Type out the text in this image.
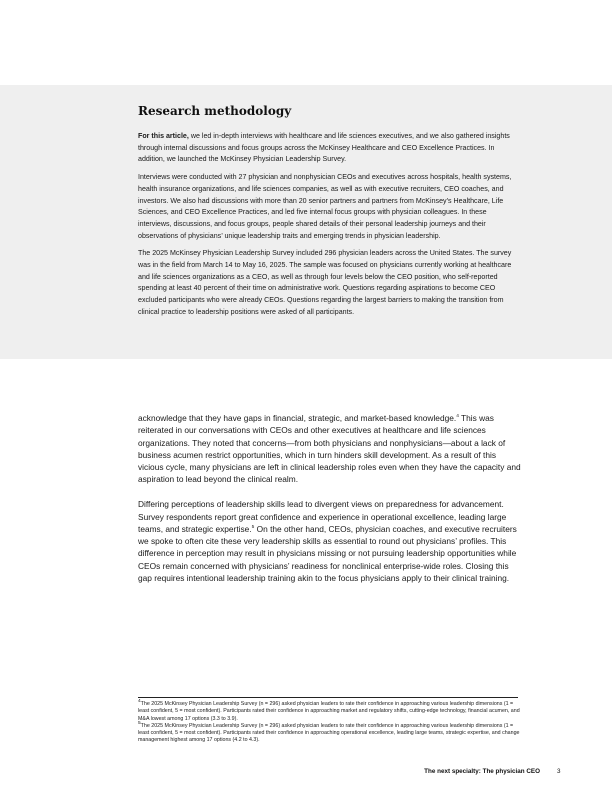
Research methodology

For this article, we led in-depth interviews with healthcare and life sciences executives, and we also gathered insights through internal discussions and focus groups across the McKinsey Healthcare and CEO Excellence Practices. In addition, we launched the McKinsey Physician Leadership Survey.

Interviews were conducted with 27 physician and nonphysician CEOs and executives across hospitals, health systems, health insurance organizations, and life sciences companies, as well as with executive recruiters, CEO coaches, and investors. We also had discussions with more than 20 senior partners and partners from McKinsey’s Healthcare, Life Sciences, and CEO Excellence Practices, and led five internal focus groups with physician colleagues. In these interviews, discussions, and focus groups, people shared details of their personal leadership journeys and their observations of physicians’ unique leadership traits and emerging trends in physician leadership.

The 2025 McKinsey Physician Leadership Survey included 296 physician leaders across the United States. The survey was in the field from March 14 to May 16, 2025. The sample was focused on physicians currently working at healthcare and life sciences organizations as a CEO, as well as through four levels below the CEO position, who self-reported spending at least 40 percent of their time on administrative work. Questions regarding aspirations to become CEO excluded participants who were already CEOs. Questions regarding the largest barriers to making the transition from clinical practice to leadership positions were asked of all participants.

acknowledge that they have gaps in financial, strategic, and market-based knowledge.$^4$ This was reiterated in our conversations with CEOs and other executives at healthcare and life sciences organizations. They noted that concerns—from both physicians and nonphysicians—about a lack of business acumen restrict opportunities, which in turn hinders skill development. As a result of this vicious cycle, many physicians are left in clinical leadership roles even when they have the capacity and aspiration to lead beyond the clinical realm.

Differing perceptions of leadership skills lead to divergent views on preparedness for advancement. Survey respondents report great confidence and experience in operational excellence, leading large teams, and strategic expertise.$^5$ On the other hand, CEOs, physician coaches, and executive recruiters we spoke to often cite these very leadership skills as essential to round out physicians’ profiles. This difference in perception may result in physicians missing or not pursuing leadership opportunities while CEOs remain concerned with physicians’ readiness for nonclinical enterprise-wide roles. Closing this gap requires intentional leadership training akin to the focus physicians apply to their clinical training.

$^4$The 2025 McKinsey Physician Leadership Survey (n = 296) asked physician leaders to rate their confidence in approaching various leadership dimensions (1 = least confident, 5 = most confident). Participants rated their confidence in approaching market and regulatory shifts, cutting-edge technology, financial acumen, and M&A lowest among 17 options (3.3 to 3.9).

$^5$The 2025 McKinsey Physician Leadership Survey (n = 296) asked physician leaders to rate their confidence in approaching various leadership dimensions (1 = least confident, 5 = most confident). Participants rated their confidence in approaching operational excellence, leading large teams, strategic expertise, and change management highest among 17 options (4.2 to 4.3).

The next specialty: The physician CEO	3
